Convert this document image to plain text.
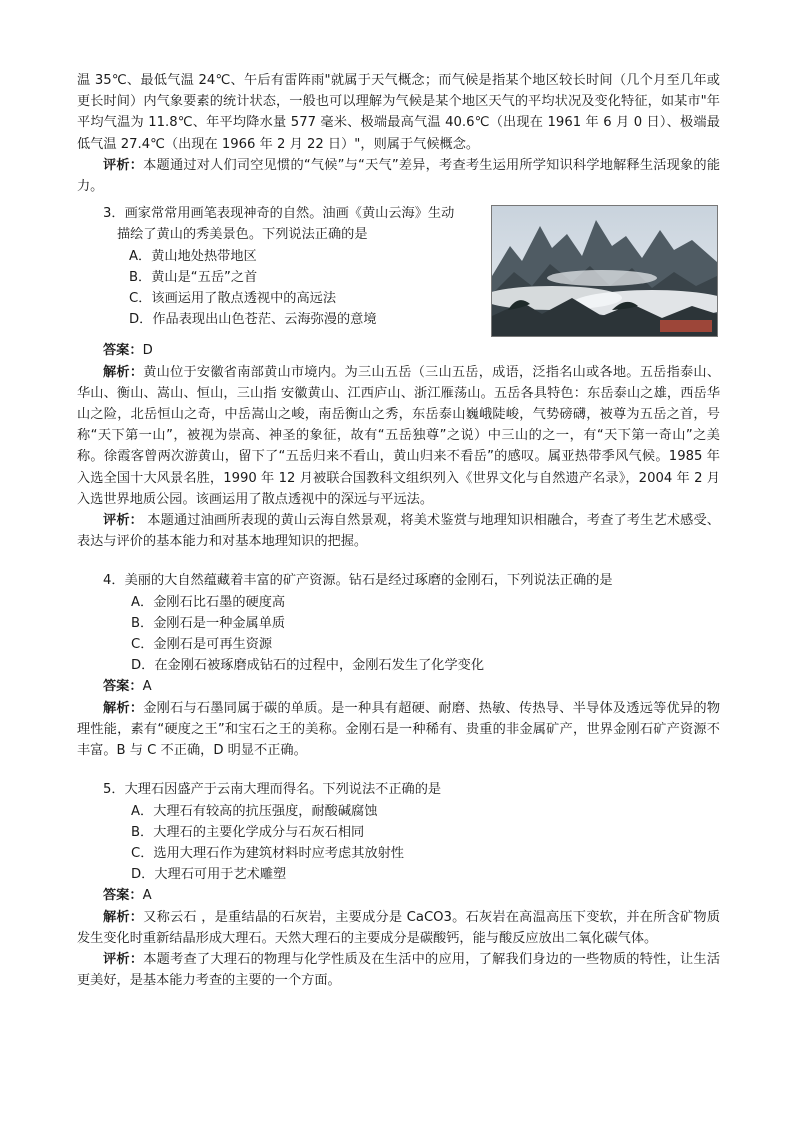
温 35℃、最低气温 24℃、午后有雷阵雨"就属于天气概念；而气候是指某个地区较长时间（几个月至几年或更长时间）内气象要素的统计状态，一般也可以理解为气候是某个地区天气的平均状况及变化特征，如某市"年平均气温为 11.8℃、年平均降水量 577 毫米、极端最高气温 40.6℃（出现在 1961 年 6 月 0 日）、极端最低气温 27.4℃（出现在 1966 年 2 月 22 日）"，则属于气候概念。

评析：本题通过对人们司空见惯的“气候”与“天气”差异，考查考生运用所学知识科学地解释生活现象的能力。

3．画家常常用画笔表现神奇的自然。油画《黄山云海》生动

描绘了黄山的秀美景色。下列说法正确的是

A．黄山地处热带地区

B．黄山是“五岳”之首

C．该画运用了散点透视中的高远法

D．作品表现出山色苍茫、云海弥漫的意境

答案：D

解析：黄山位于安徽省南部黄山市境内。为三山五岳（三山五岳，成语，泛指名山或各地。五岳指泰山、华山、衡山、嵩山、恒山，三山指 安徽黄山、江西庐山、浙江雁荡山。五岳各具特色：东岳泰山之雄，西岳华山之险，北岳恒山之奇，中岳嵩山之峻，南岳衡山之秀，东岳泰山巍峨陡峻，气势磅礴，被尊为五岳之首，号称“天下第一山”，被视为崇高、神圣的象征，故有“五岳独尊”之说）中三山的之一，有“天下第一奇山”之美称。徐霞客曾两次游黄山，留下了“五岳归来不看山，黄山归来不看岳”的感叹。属亚热带季风气候。1985 年入选全国十大风景名胜，1990 年 12 月被联合国教科文组织列入《世界文化与自然遗产名录》，2004 年 2 月入选世界地质公园。该画运用了散点透视中的深远与平远法。

评析： 本题通过油画所表现的黄山云海自然景观，将美术鉴赏与地理知识相融合，考查了考生艺术感受、表达与评价的基本能力和对基本地理知识的把握。

4．美丽的大自然蕴藏着丰富的矿产资源。钻石是经过琢磨的金刚石，下列说法正确的是

A．金刚石比石墨的硬度高

B．金刚石是一种金属单质

C．金刚石是可再生资源

D．在金刚石被琢磨成钻石的过程中，金刚石发生了化学变化

答案：A

解析：金刚石与石墨同属于碳的单质。是一种具有超硬、耐磨、热敏、传热导、半导体及透远等优异的物理性能，素有“硬度之王”和宝石之王的美称。金刚石是一种稀有、贵重的非金属矿产，世界金刚石矿产资源不丰富。B 与 C 不正确，D 明显不正确。

5．大理石因盛产于云南大理而得名。下列说法不正确的是

A．大理石有较高的抗压强度，耐酸碱腐蚀

B．大理石的主要化学成分与石灰石相同

C．选用大理石作为建筑材料时应考虑其放射性

D．大理石可用于艺术雕塑

答案：A

解析：又称云石 ，是重结晶的石灰岩，主要成分是 CaCO3。石灰岩在高温高压下变软，并在所含矿物质发生变化时重新结晶形成大理石。天然大理石的主要成分是碳酸钙，能与酸反应放出二氧化碳气体。

评析：本题考查了大理石的物理与化学性质及在生活中的应用，了解我们身边的一些物质的特性，让生活更美好，是基本能力考查的主要的一个方面。
